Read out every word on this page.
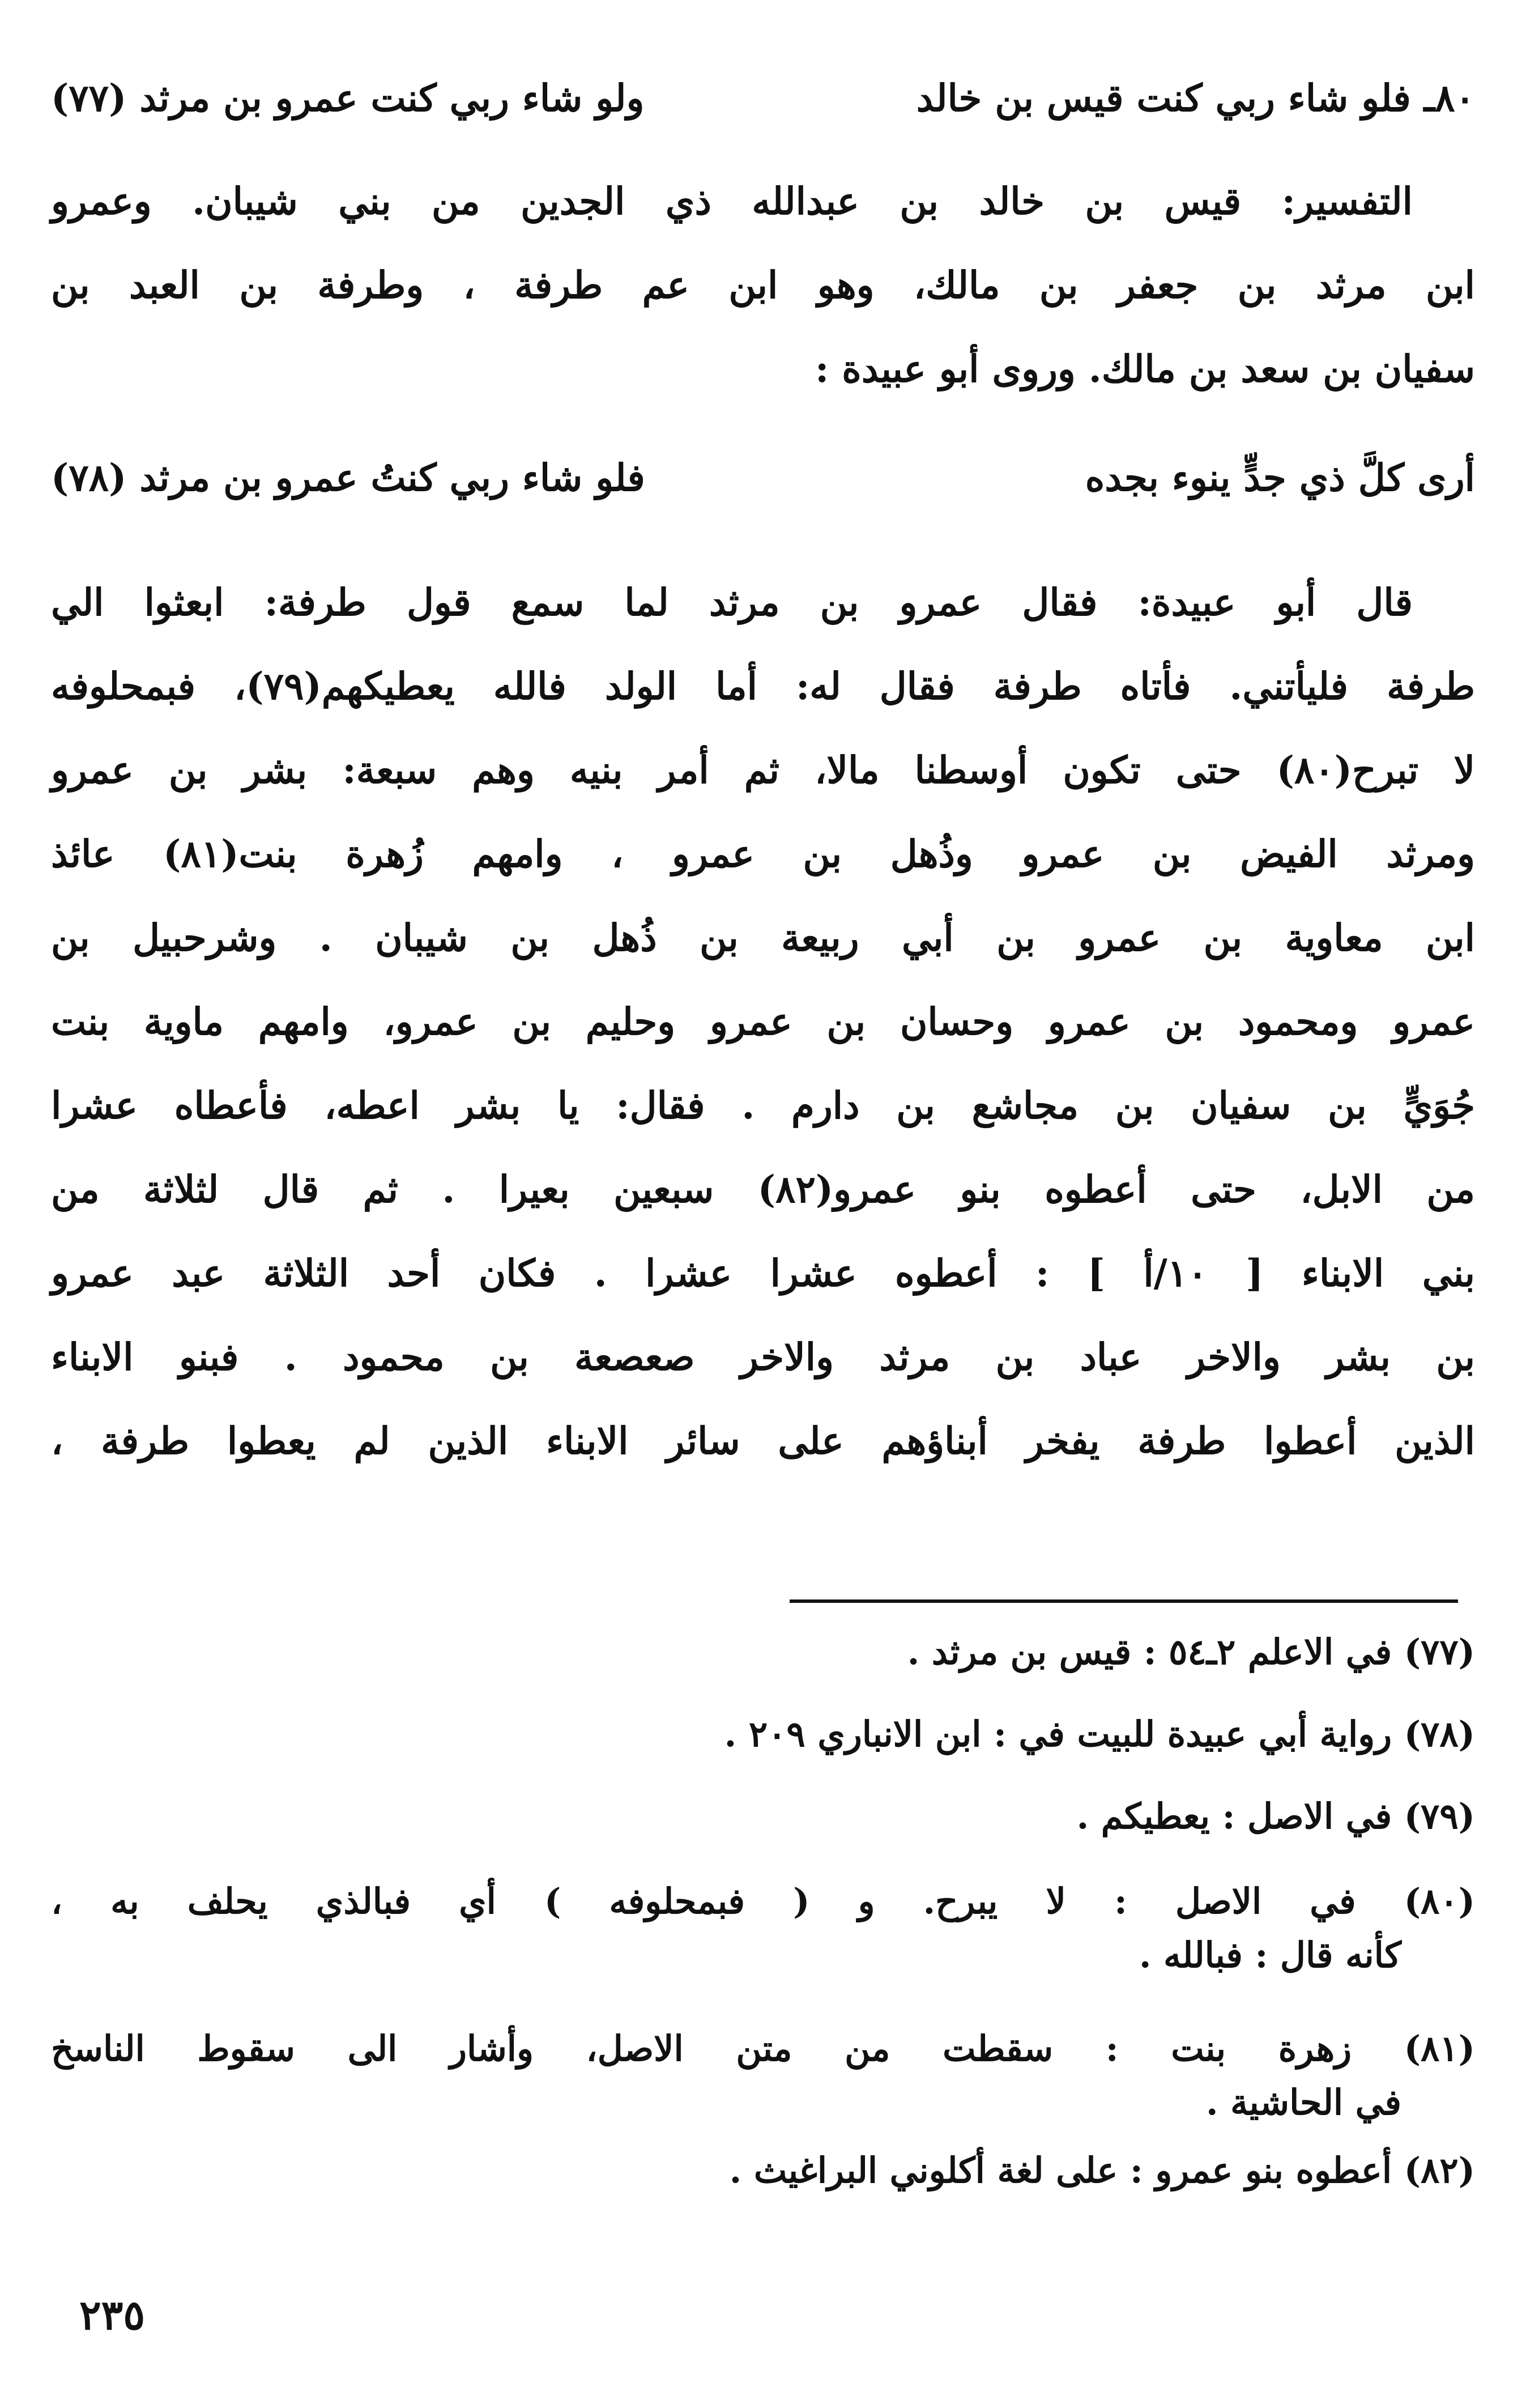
٨٠ـ فلو شاء ربي كنت قيس بن خالد
ولو شاء ربي كنت عمرو بن مرثد (٧٧)
التفسير: قيس بن خالد بن عبدالله ذي الجدين من بني شيبان. وعمرو
ابن مرثد بن جعفر بن مالك، وهو ابن عم طرفة ، وطرفة بن العبد بن
سفيان بن سعد بن مالك. وروى أبو عبيدة :
أرى كلَّ ذي جدٍّ ينوء بجده
فلو شاء ربي كنتُ عمرو بن مرثد (٧٨)
قال أبو عبيدة: فقال عمرو بن مرثد لما سمع قول طرفة: ابعثوا الي
طرفة فليأتني. فأتاه طرفة فقال له: أما الولد فالله يعطيكهم(٧٩)، فبمحلوفه
لا تبرح(٨٠) حتى تكون أوسطنا مالا، ثم أمر بنيه وهم سبعة: بشر بن عمرو
ومرثد الفيض بن عمرو وذُهل بن عمرو ، وامهم زُهرة بنت(٨١) عائذ
ابن معاوية بن عمرو بن أبي ربيعة بن ذُهل بن شيبان . وشرحبيل بن
عمرو ومحمود بن عمرو وحسان بن عمرو وحليم بن عمرو، وامهم ماوية بنت
جُوَيٍّ بن سفيان بن مجاشع بن دارم . فقال: يا بشر اعطه، فأعطاه عشرا
من الابل، حتى أعطوه بنو عمرو(٨٢) سبعين بعيرا . ثم قال لثلاثة من
بني الابناء [ ١٠/أ ] : أعطوه عشرا عشرا . فكان أحد الثلاثة عبد عمرو
بن بشر والاخر عباد بن مرثد والاخر صعصعة بن محمود . فبنو الابناء
الذين أعطوا طرفة يفخر أبناؤهم على سائر الابناء الذين لم يعطوا طرفة ،
(٧٧) في الاعلم ٢ـ٥٤ : قيس بن مرثد .
(٧٨) رواية أبي عبيدة للبيت في : ابن الانباري ٢٠٩ .
(٧٩) في الاصل : يعطيكم .
(٨٠) في الاصل : لا يبرح. و ( فبمحلوفه ) أي فبالذي يحلف به ،
كأنه قال : فبالله .
(٨١) زهرة بنت : سقطت من متن الاصل، وأشار الى سقوط الناسخ
في الحاشية .
(٨٢) أعطوه بنو عمرو : على لغة أكلوني البراغيث .
٢٣٥
